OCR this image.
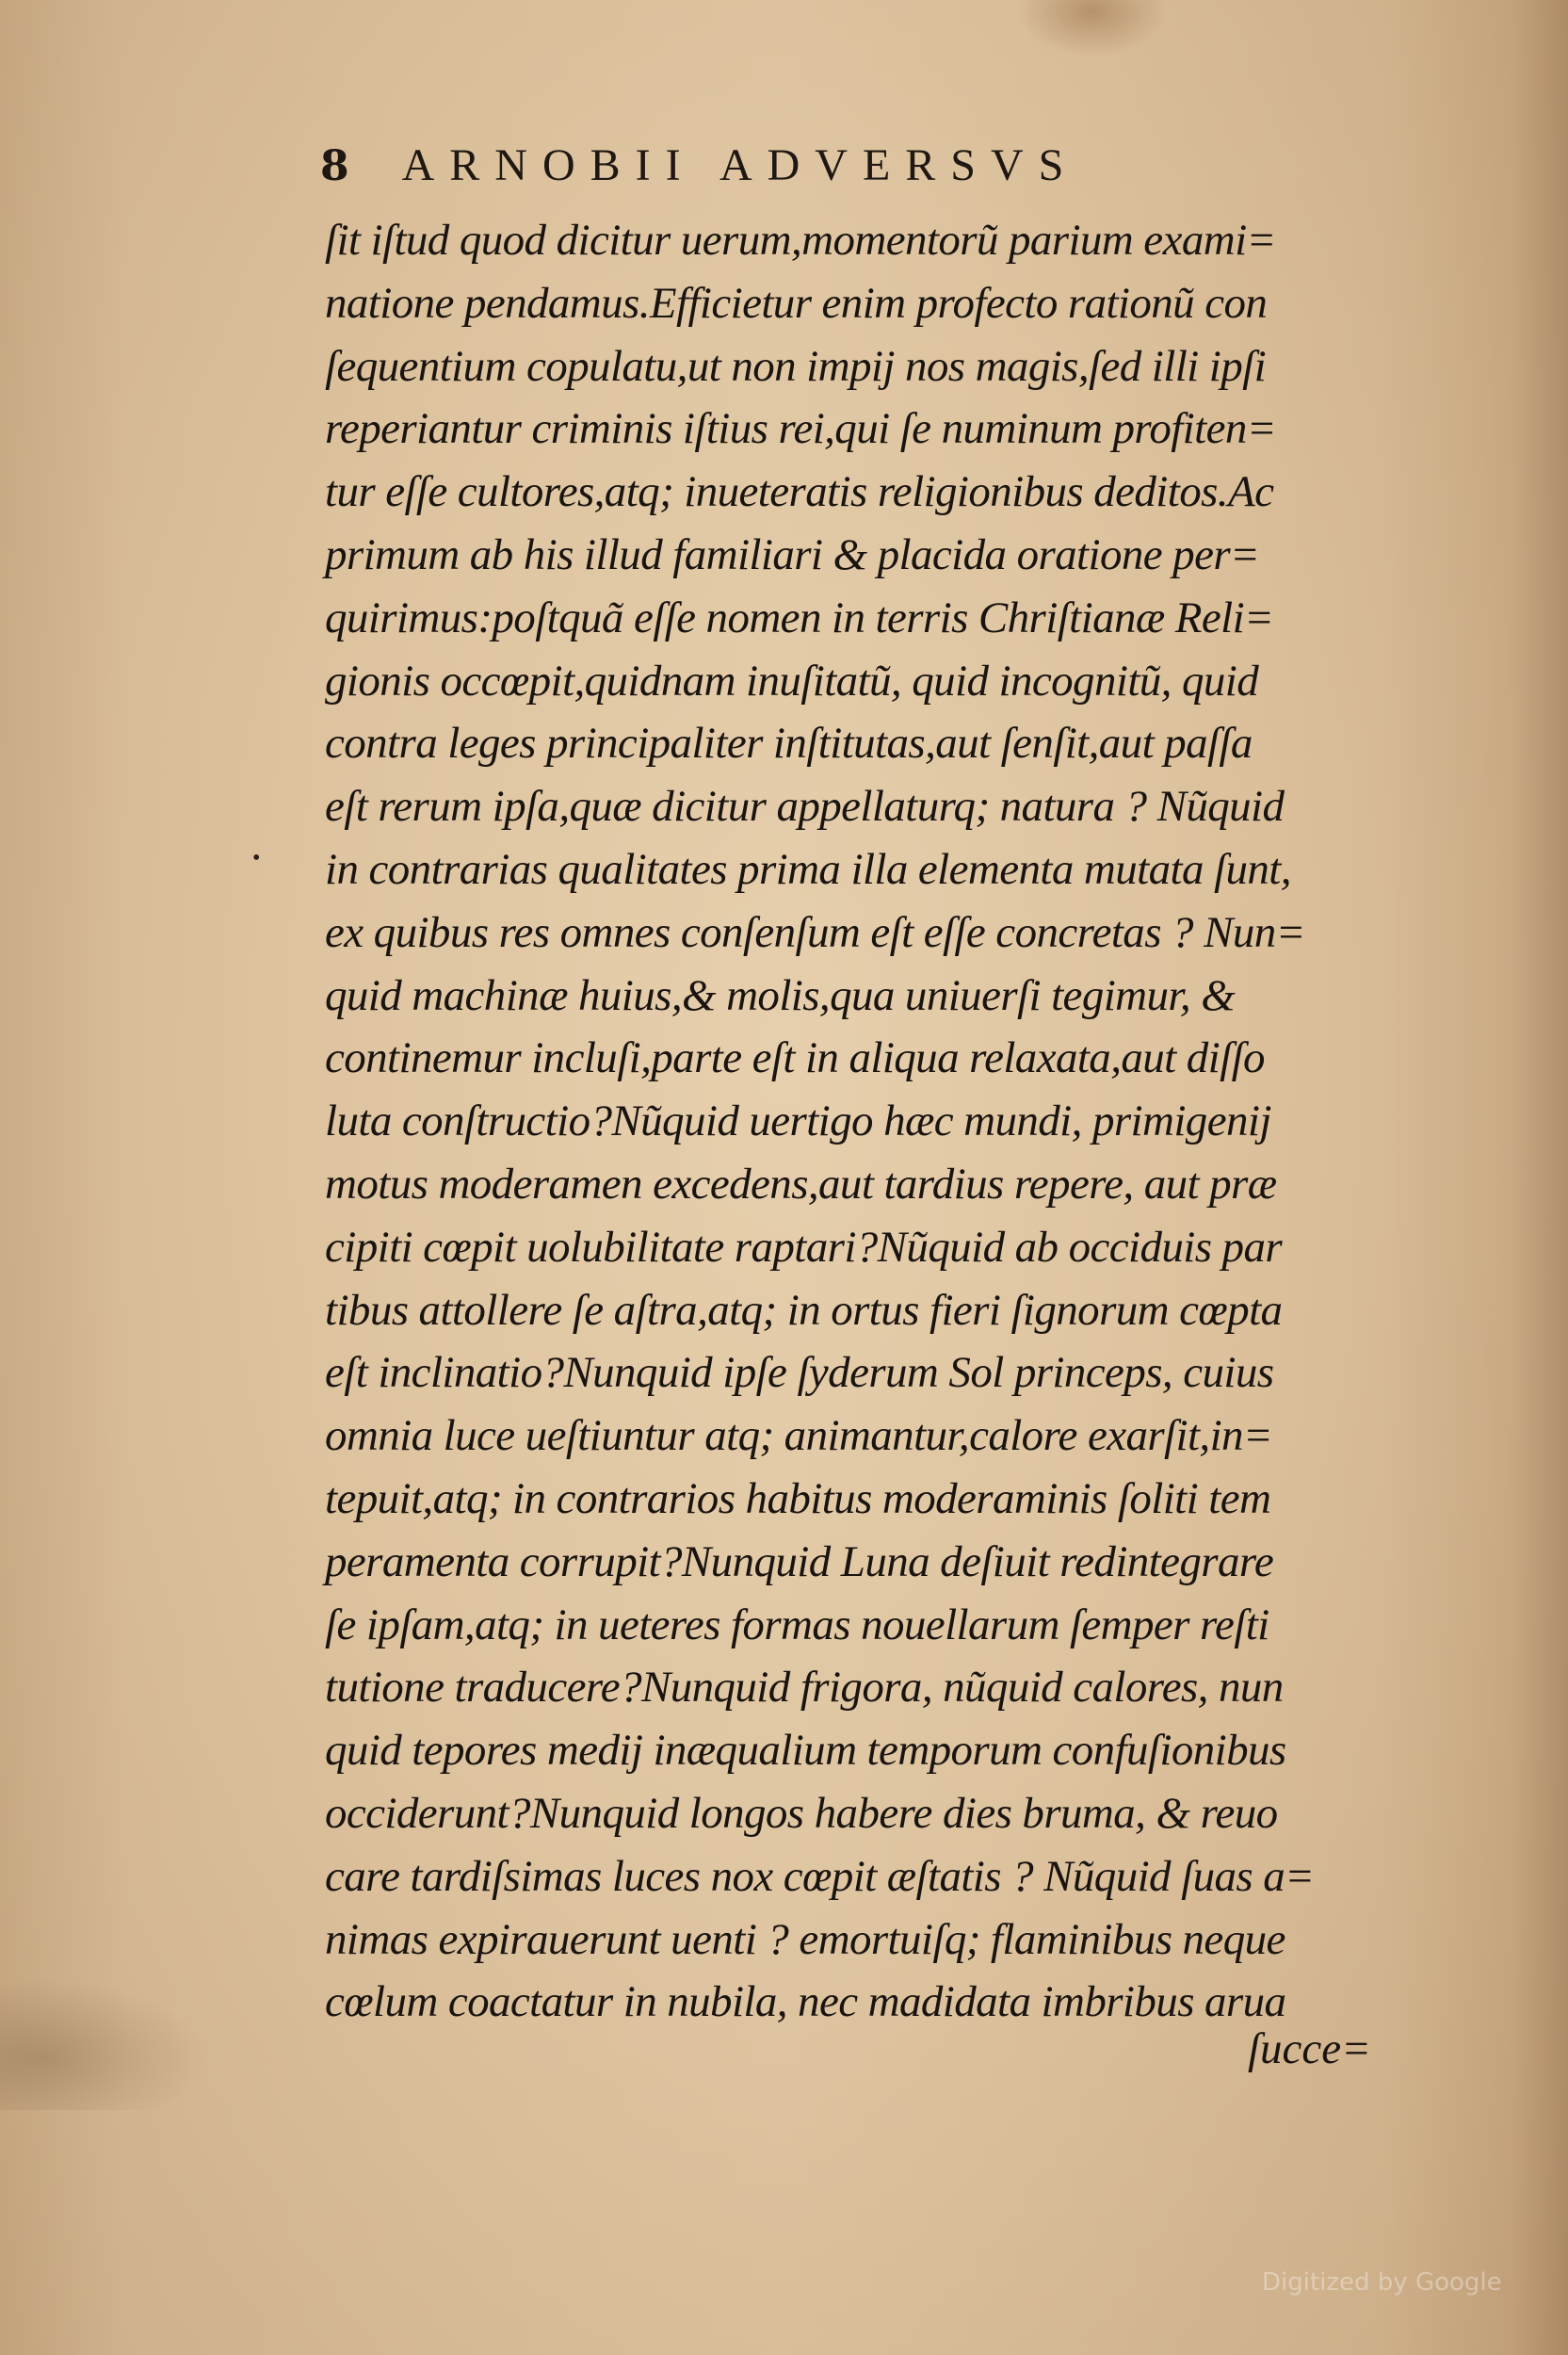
8 ARNOBII ADVERSVS
•
ſit iſtud quod dicitur uerum,momentorũ parium exami=
natione pendamus.Efficietur enim profecto rationũ con
ſequentium copulatu,ut non impij nos magis,ſed illi ipſi
reperiantur criminis iſtius rei,qui ſe numinum profiten=
tur eſſe cultores,atq; inueteratis religionibus deditos.Ac
primum ab his illud familiari & placida oratione per=
quirimus:poſtquã eſſe nomen in terris Chriſtianæ Reli=
gionis occœpit,quidnam inuſitatũ, quid incognitũ, quid
contra leges principaliter inſtitutas,aut ſenſit,aut paſſa
eſt rerum ipſa,quæ dicitur appellaturq; natura ? Nũquid
in contrarias qualitates prima illa elementa mutata ſunt,
ex quibus res omnes conſenſum eſt eſſe concretas ? Nun=
quid machinæ huius,& molis,qua uniuerſi tegimur, &
continemur incluſi,parte eſt in aliqua relaxata,aut diſſo
luta conſtructio?Nũquid uertigo hæc mundi, primigenij
motus moderamen excedens,aut tardius repere, aut præ
cipiti cœpit uolubilitate raptari?Nũquid ab occiduis par
tibus attollere ſe aſtra,atq; in ortus fieri ſignorum cœpta
eſt inclinatio?Nunquid ipſe ſyderum Sol princeps, cuius
omnia luce ueſtiuntur atq; animantur,calore exarſit,in=
tepuit,atq; in contrarios habitus moderaminis ſoliti tem
peramenta corrupit?Nunquid Luna deſiuit redintegrare
ſe ipſam,atq; in ueteres formas nouellarum ſemper reſti
tutione traducere?Nunquid frigora, nũquid calores, nun
quid tepores medij inæqualium temporum confuſionibus
occiderunt?Nunquid longos habere dies bruma, & reuo
care tardiſsimas luces nox cœpit æſtatis ? Nũquid ſuas a=
nimas expirauerunt uenti ? emortuiſq; flaminibus neque
cœlum coactatur in nubila, nec madidata imbribus arua
ſucce=
Digitized by Google
